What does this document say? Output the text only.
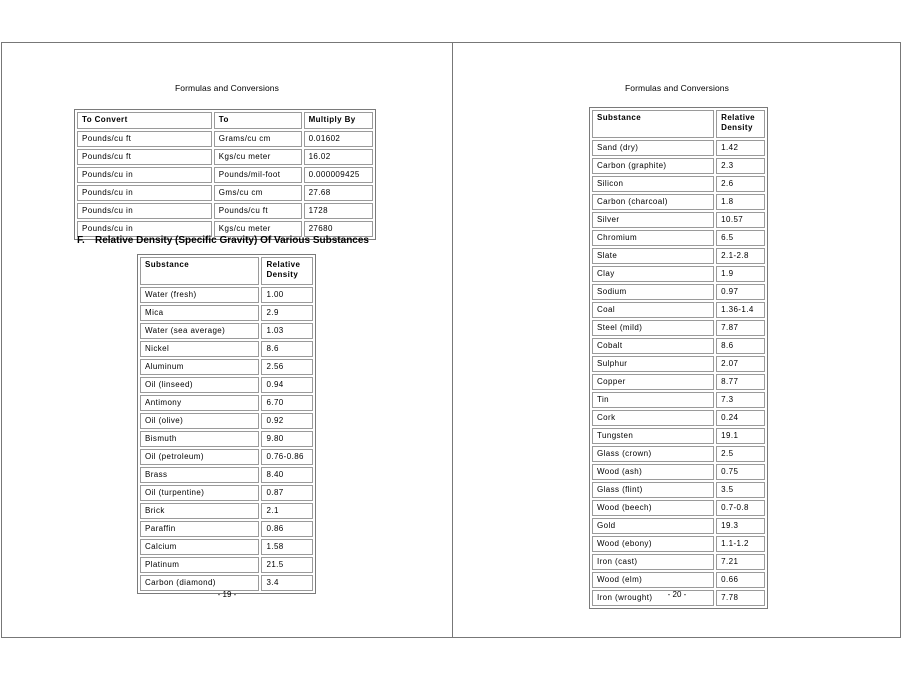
Formulas and Conversions
To Convert	To	Multiply By
Pounds/cu ft	Grams/cu cm	0.01602
Pounds/cu ft	Kgs/cu meter	16.02
Pounds/cu in	Pounds/mil-foot	0.000009425
Pounds/cu in	Gms/cu cm	27.68
Pounds/cu in	Pounds/cu ft	1728
Pounds/cu in	Kgs/cu meter	27680
F. Relative Density (Specific Gravity) Of Various Substances
Substance	Relative
Density
Water (fresh)	1.00
Mica	2.9
Water (sea average)	1.03
Nickel	8.6
Aluminum	2.56
Oil (linseed)	0.94
Antimony	6.70
Oil (olive)	0.92
Bismuth	9.80
Oil (petroleum)	0.76-0.86
Brass	8.40
Oil (turpentine)	0.87
Brick	2.1
Paraffin	0.86
Calcium	1.58
Platinum	21.5
Carbon (diamond)	3.4
- 19 -
Formulas and Conversions
Substance	Relative
Density
Sand (dry)	1.42
Carbon (graphite)	2.3
Silicon	2.6
Carbon (charcoal)	1.8
Silver	10.57
Chromium	6.5
Slate	2.1-2.8
Clay	1.9
Sodium	0.97
Coal	1.36-1.4
Steel (mild)	7.87
Cobalt	8.6
Sulphur	2.07
Copper	8.77
Tin	7.3
Cork	0.24
Tungsten	19.1
Glass (crown)	2.5
Wood (ash)	0.75
Glass (flint)	3.5
Wood (beech)	0.7-0.8
Gold	19.3
Wood (ebony)	1.1-1.2
Iron (cast)	7.21
Wood (elm)	0.66
Iron (wrought)	7.78
- 20 -
